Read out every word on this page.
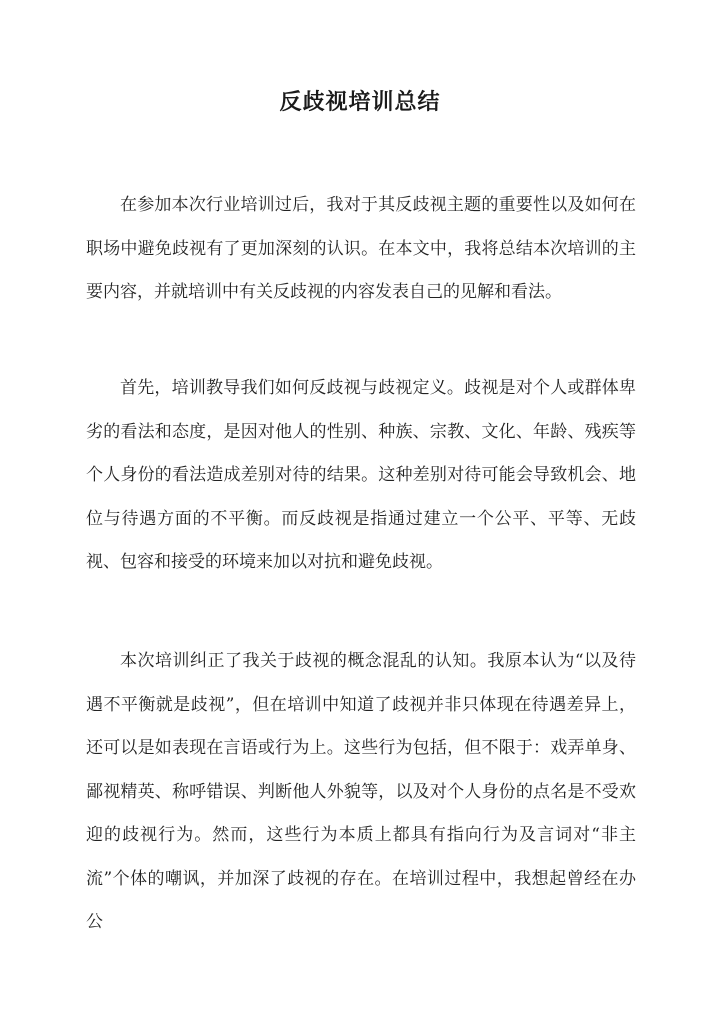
反歧视培训总结

在参加本次行业培训过后，我对于其反歧视主题的重要性以及如何在职场中避免歧视有了更加深刻的认识。在本文中，我将总结本次培训的主要内容，并就培训中有关反歧视的内容发表自己的见解和看法。

首先，培训教导我们如何反歧视与歧视定义。歧视是对个人或群体卑劣的看法和态度，是因对他人的性别、种族、宗教、文化、年龄、残疾等个人身份的看法造成差别对待的结果。这种差别对待可能会导致机会、地位与待遇方面的不平衡。而反歧视是指通过建立一个公平、平等、无歧视、包容和接受的环境来加以对抗和避免歧视。

本次培训纠正了我关于歧视的概念混乱的认知。我原本认为“以及待遇不平衡就是歧视”，但在培训中知道了歧视并非只体现在待遇差异上，还可以是如表现在言语或行为上。这些行为包括，但不限于：戏弄单身、鄙视精英、称呼错误、判断他人外貌等，以及对个人身份的点名是不受欢迎的歧视行为。然而，这些行为本质上都具有指向行为及言词对“非主流”个体的嘲讽，并加深了歧视的存在。在培训过程中，我想起曾经在办公
